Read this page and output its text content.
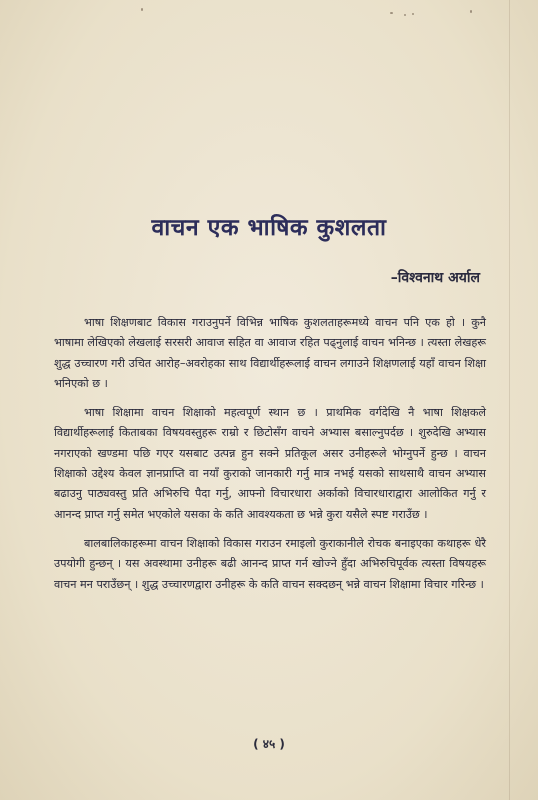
वाचन एक भाषिक कुशलता
–विश्वनाथ अर्याल

भाषा शिक्षणबाट विकास गराउनुपर्ने विभिन्न भाषिक कुशलताहरूमध्ये वाचन पनि एक हो । कुनै भाषामा लेखिएको लेखलाई सरसरी आवाज सहित वा आवाज रहित पढ्नुलाई वाचन भनिन्छ । त्यस्ता लेखहरू शुद्ध उच्चारण गरी उचित आरोह–अवरोहका साथ विद्यार्थीहरूलाई वाचन लगाउने शिक्षणलाई यहाँ वाचन शिक्षा भनिएको छ ।

भाषा शिक्षामा वाचन शिक्षाको महत्वपूर्ण स्थान छ । प्राथमिक वर्गदेखि नै भाषा शिक्षकले विद्यार्थीहरूलाई किताबका विषयवस्तुहरू राम्रो र छिटोसँग वाचने अभ्यास बसाल्नुपर्दछ । शुरुदेखि अभ्यास नगराएको खण्डमा पछि गएर यसबाट उत्पन्न हुन सक्ने प्रतिकूल असर उनीहरूले भोग्नुपर्ने हुन्छ । वाचन शिक्षाको उद्देश्य केवल ज्ञानप्राप्ति वा नयाँ कुराको जानकारी गर्नु मात्र नभई यसको साथसाथै वाचन अभ्यास बढाउनु पाठ्यवस्तु प्रति अभिरुचि पैदा गर्नु, आफ्नो विचारधारा अर्काको विचारधाराद्वारा आलोकित गर्नु र आनन्द प्राप्त गर्नु समेत भएकोले यसका के कति आवश्यकता छ भन्ने कुरा यसैले स्पष्ट गराउँछ ।

बालबालिकाहरूमा वाचन शिक्षाको विकास गराउन रमाइलो कुराकानीले रोचक बनाइएका कथाहरू धेरै उपयोगी हुन्छन् । यस अवस्थामा उनीहरू बढी आनन्द प्राप्त गर्न खोज्ने हुँदा अभिरुचिपूर्वक त्यस्ता विषयहरू वाचन मन पराउँछन् । शुद्ध उच्चारणद्वारा उनीहरू के कति वाचन सक्दछन् भन्ने वाचन शिक्षामा विचार गरिन्छ ।

( ४५ )
